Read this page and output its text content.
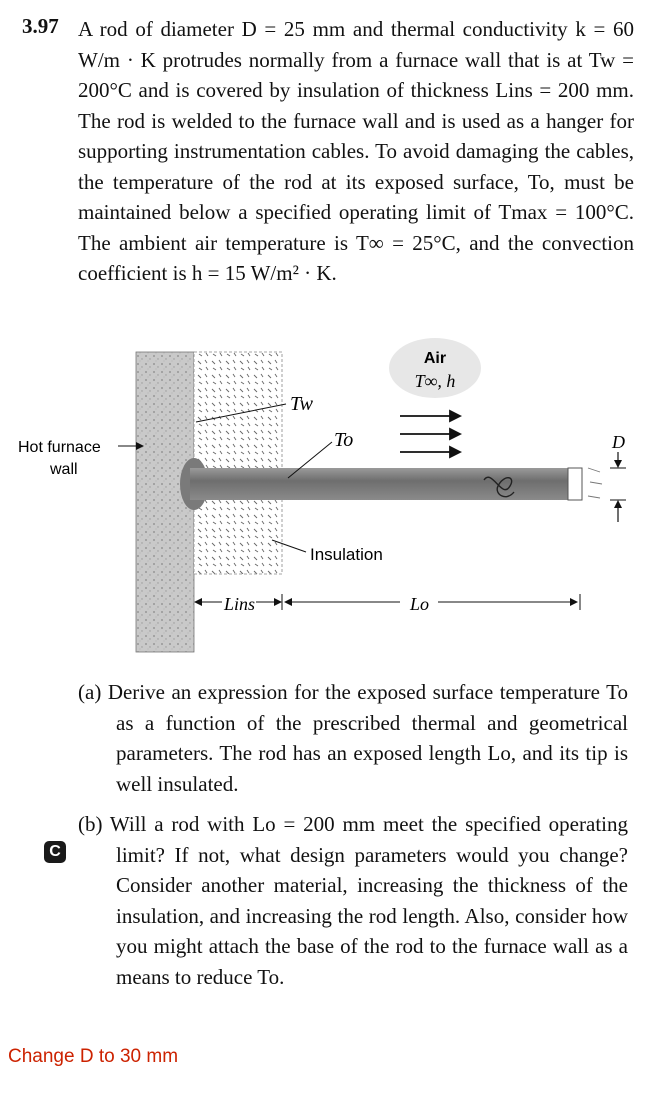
3.97 A rod of diameter D = 25 mm and thermal conductivity k = 60 W/m · K protrudes normally from a furnace wall that is at Tw = 200°C and is covered by insulation of thickness Lins = 200 mm. The rod is welded to the furnace wall and is used as a hanger for supporting instrumentation cables. To avoid damaging the cables, the temperature of the rod at its exposed surface, To, must be maintained below a specified operating limit of Tmax = 100°C. The ambient air temperature is T∞ = 25°C, and the convection coefficient is h = 15 W/m² · K.
Air
T∞, h
Tw
To
Insulation
Hot furnace
wall
D
Lins	Lo
(a) Derive an expression for the exposed surface temperature To as a function of the prescribed thermal and geometrical parameters. The rod has an exposed length Lo, and its tip is well insulated.
(b) Will a rod with Lo = 200 mm meet the specified operating limit? If not, what design parameters would you change? Consider another material, increasing the thickness of the insulation, and increasing the rod length. Also, consider how you might attach the base of the rod to the furnace wall as a means to reduce To.
C
Change D to 30 mm
